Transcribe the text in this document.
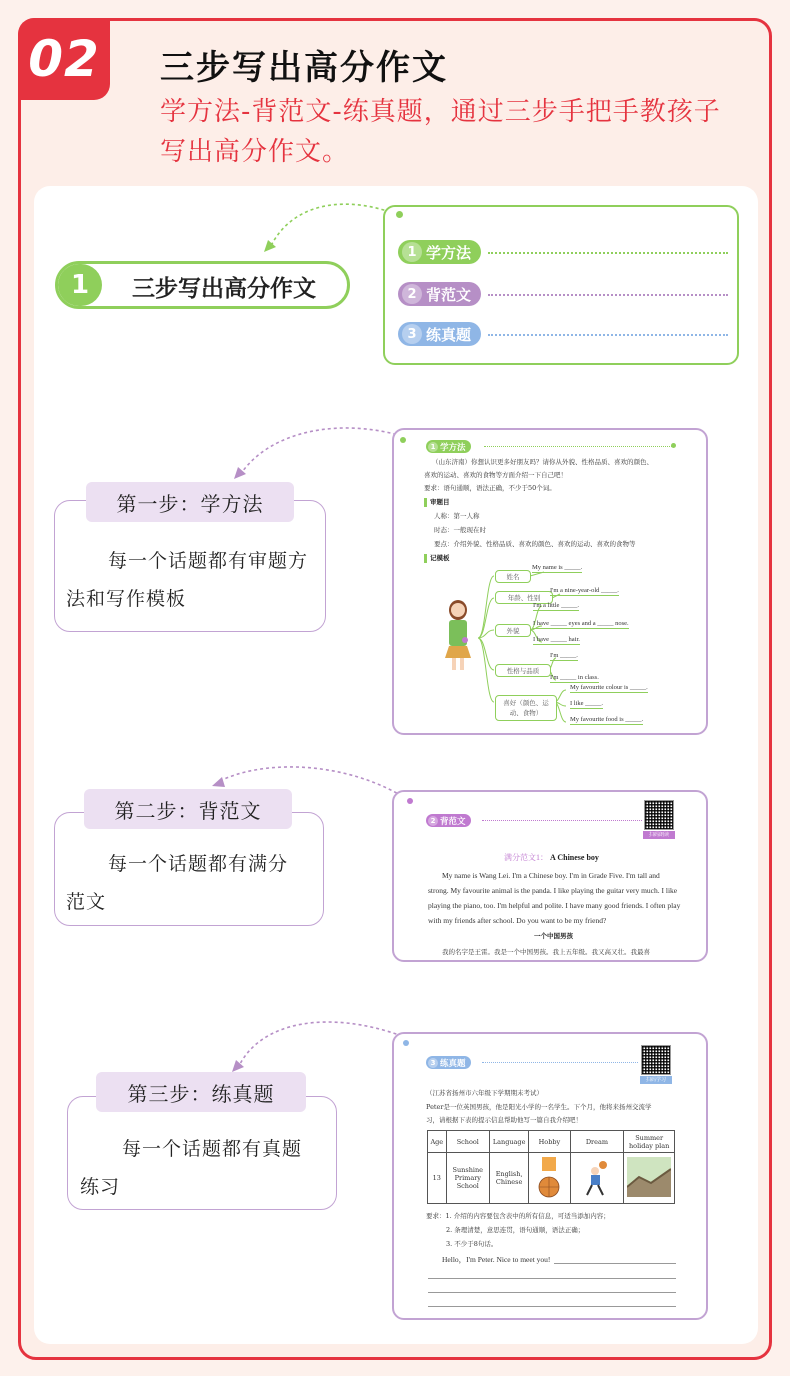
02	三步写出高分作文
学方法-背范文-练真题，通过三步手把手教孩子写出高分作文。
1	三步写出高分作文
1 学方法
2 背范文
3 练真题
第一步：学方法
每一个话题都有审题方
法和写作模板
第二步：背范文
每一个话题都有满分
范文
第三步：练真题
每一个话题都有真题
练习
1 学方法
（山东济南）你想认识更多好朋友吗？请你从外貌、性格品质、喜欢的颜色、
喜欢的运动、喜欢的食物等方面介绍一下自己吧！
要求：语句通顺，语法正确，不少于50个词。
审题目
人称：第一人称
时态：一般现在时
要点：介绍外貌、性格品质、喜欢的颜色、喜欢的运动、喜欢的食物等
记模板
姓名
年龄、性别
外貌
性格与品质
喜好（颜色、运动、食物）
My name is _____.
I'm a nine-year-old _____.
I'm a little _____.
I have _____ eyes and a _____ nose.
I have _____ hair.
I'm _____.
I'm _____ in class.
My favourite colour is _____.
I like _____.
My favourite food is _____.
2 背范文
扫码朗读
满分范文1： A Chinese boy
My name is Wang Lei. I'm a Chinese boy. I'm in Grade Five. I'm tall and
strong. My favourite animal is the panda. I like playing the guitar very much. I like
playing the piano, too. I'm helpful and polite. I have many good friends. I often play
with my friends after school. Do you want to be my friend?
一个中国男孩
我的名字是王雷。我是一个中国男孩。我上五年级。我又高又壮。我最喜
3 练真题
扫码学习
（江苏省扬州市六年级下学期期末考试）
Peter是一位英国男孩，他是阳光小学的一名学生。下个月，他将来扬州交流学
习，请根据下表的提示信息帮助他写一篇自我介绍吧！
Age	School	Language	Hobby	Dream	Summer holiday plan
13	Sunshine Primary School	English, Chinese			
要求：1. 介绍的内容要包含表中的所有信息，可适当添加内容；
2. 条理清楚，意思连贯，语句通顺，语法正确；
3. 不少于8句话。
Hello，I'm Peter. Nice to meet you!
